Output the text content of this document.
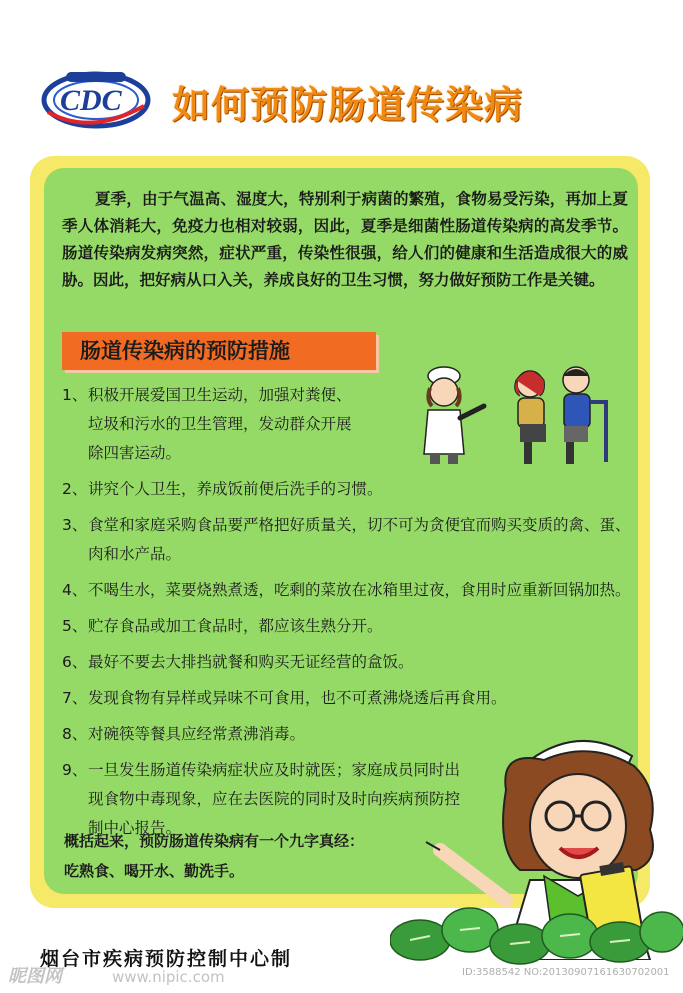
CDC 如何预防肠道传染病

夏季，由于气温高、湿度大，特别利于病菌的繁殖，食物易受污染，再加上夏季人体消耗大，免疫力也相对较弱，因此，夏季是细菌性肠道传染病的高发季节。肠道传染病发病突然，症状严重，传染性很强，给人们的健康和生活造成很大的威胁。因此，把好病从口入关，养成良好的卫生习惯，努力做好预防工作是关键。

肠道传染病的预防措施
1、 积极开展爱国卫生运动，加强对粪便、垃圾和污水的卫生管理，发动群众开展除四害运动。
2、 讲究个人卫生，养成饭前便后洗手的习惯。
3、 食堂和家庭采购食品要严格把好质量关，切不可为贪便宜而购买变质的禽、蛋、肉和水产品。
4、 不喝生水，菜要烧熟煮透，吃剩的菜放在冰箱里过夜，食用时应重新回锅加热。
5、 贮存食品或加工食品时，都应该生熟分开。
6、 最好不要去大排挡就餐和购买无证经营的盒饭。
7、 发现食物有异样或异味不可食用，也不可煮沸烧透后再食用。
8、 对碗筷等餐具应经常煮沸消毒。
9、 一旦发生肠道传染病症状应及时就医；家庭成员同时出现食物中毒现象，应在去医院的同时及时向疾病预防控制中心报告。
概括起来，预防肠道传染病有一个九字真经：
吃熟食、喝开水、勤洗手。
烟台市疾病预防控制中心制
昵图网	www.nipic.com	ID:3588542 NO:20130907161630702001
